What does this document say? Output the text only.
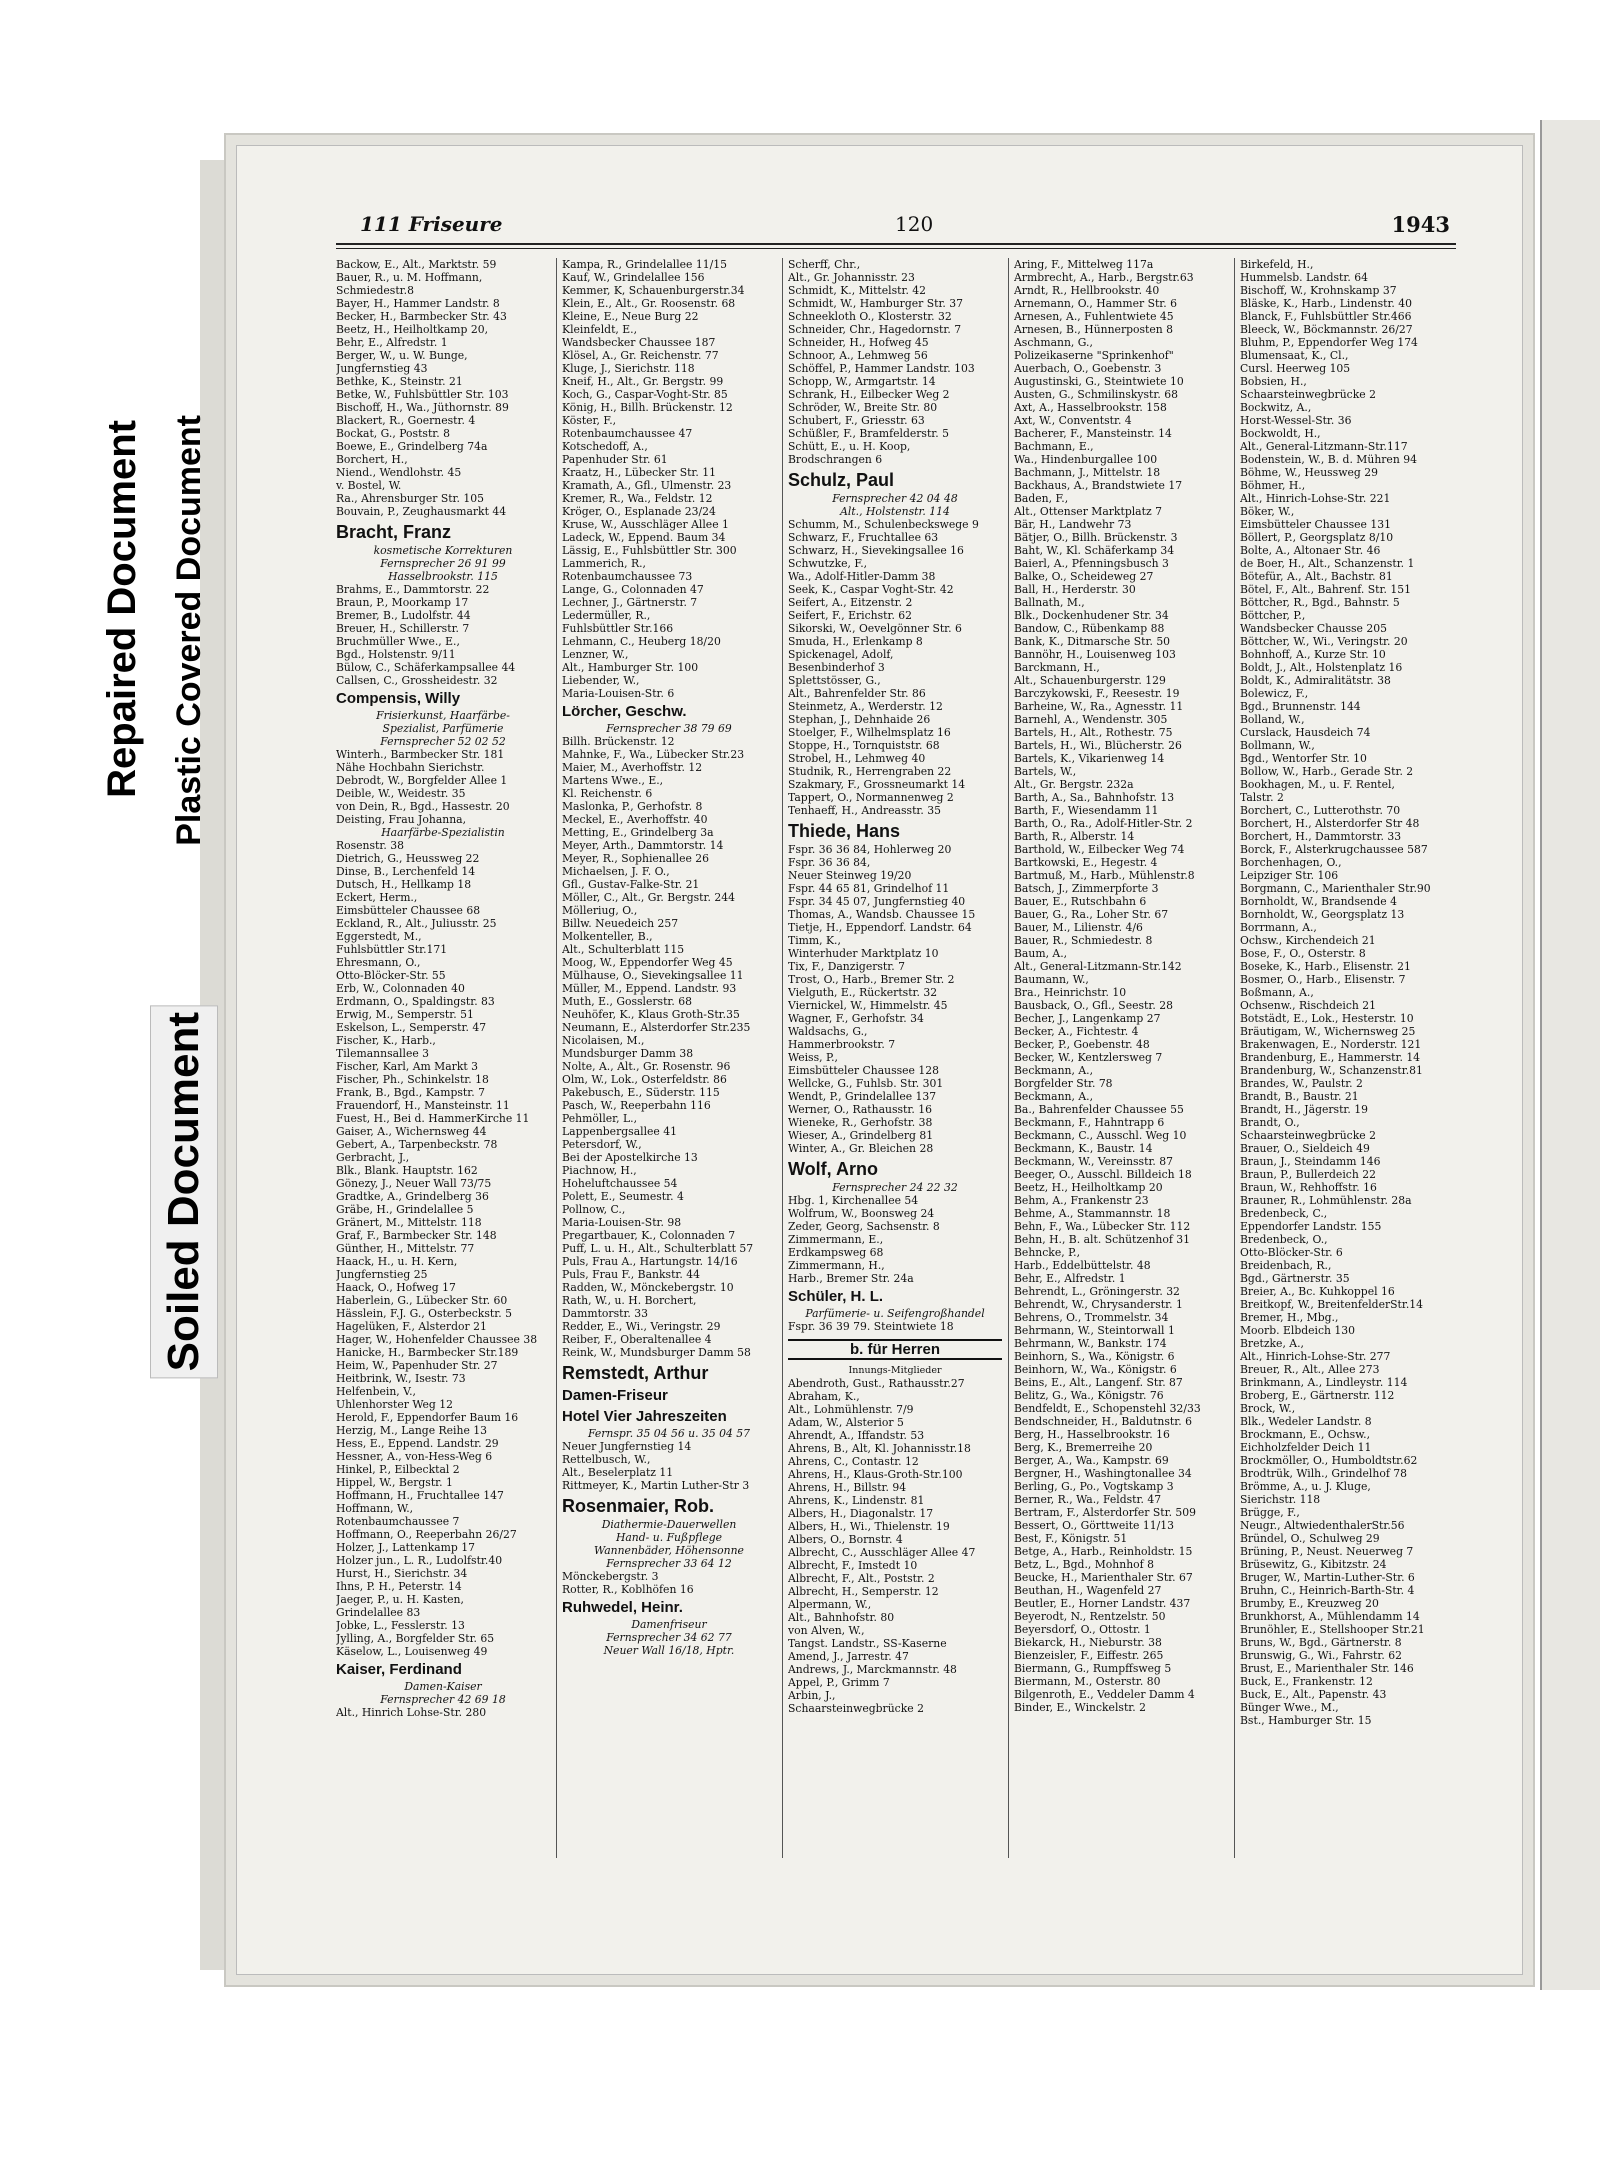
Repaired Document Plastic Covered Document
Soiled Document
111 Friseure	120	1943
Backow, E., Alt., Marktstr. 59
Bauer, R., u. M. Hoffmann,
Schmiedestr.8
Bayer, H., Hammer Landstr. 8
Becker, H., Barmbecker Str. 43
Beetz, H., Heilholtkamp 20,
Behr, E., Alfredstr. 1
Berger, W., u. W. Bunge,
Jungfernstieg 43
Bethke, K., Steinstr. 21
Betke, W., Fuhlsbüttler Str. 103
Bischoff, H., Wa., Jüthornstr. 89
Blackert, R., Goernestr. 4
Bockat, G., Poststr. 8
Boewe, E., Grindelberg 74a
Borchert, H.,
Niend., Wendlohstr. 45
v. Bostel, W.
Ra., Ahrensburger Str. 105
Bouvain, P., Zeughausmarkt 44
Bracht, Franz
kosmetische Korrekturen
Fernsprecher 26 91 99
Hasselbrookstr. 115
Brahms, E., Dammtorstr. 22
Braun, P., Moorkamp 17
Bremer, B., Ludolfstr. 44
Breuer, H., Schillerstr. 7
Bruchmüller Wwe., E.,
Bgd., Holstenstr. 9/11
Bülow, C., Schäferkampsallee 44
Callsen, C., Grossheidestr. 32
Compensis, Willy
Frisierkunst, Haarfärbe-
Spezialist, Parfümerie
Fernsprecher 52 02 52
Winterh., Barmbecker Str. 181
Nähe Hochbahn Sierichstr.
Debrodt, W., Borgfelder Allee 1
Deible, W., Weidestr. 35
von Dein, R., Bgd., Hassestr. 20
Deisting, Frau Johanna,
Haarfärbe-Spezialistin
Rosenstr. 38
Dietrich, G., Heussweg 22
Dinse, B., Lerchenfeld 14
Dutsch, H., Hellkamp 18
Eckert, Herm.,
Eimsbütteler Chaussee 68
Eckland, R., Alt., Juliusstr. 25
Eggerstedt, M.,
Fuhlsbüttler Str.171
Ehresmann, O.,
Otto-Blöcker-Str. 55
Erb, W., Colonnaden 40
Erdmann, O., Spaldingstr. 83
Erwig, M., Semperstr. 51
Eskelson, L., Semperstr. 47
Fischer, K., Harb.,
Tilemannsallee 3
Fischer, Karl, Am Markt 3
Fischer, Ph., Schinkelstr. 18
Frank, B., Bgd., Kampstr. 7
Frauendorf, H., Mansteinstr. 11
Fuest, H., Bei d. HammerKirche 11
Gaiser, A., Wichernsweg 44
Gebert, A., Tarpenbeckstr. 78
Gerbracht, J.,
Blk., Blank. Hauptstr. 162
Gönezy, J., Neuer Wall 73/75
Gradtke, A., Grindelberg 36
Gräbe, H., Grindelallee 5
Gränert, M., Mittelstr. 118
Graf, F., Barmbecker Str. 148
Günther, H., Mittelstr. 77
Haack, H., u. H. Kern,
Jungfernstieg 25
Haack, O., Hofweg 17
Haberlein, G., Lübecker Str. 60
Hässlein, F.J. G., Osterbeckstr. 5
Hagelüken, F., Alsterdor 21
Hager, W., Hohenfelder Chaussee 38
Hanicke, H., Barmbecker Str.189
Heim, W., Papenhuder Str. 27
Heitbrink, W., Isestr. 73
Helfenbein, V.,
Uhlenhorster Weg 12
Herold, F., Eppendorfer Baum 16
Herzig, M., Lange Reihe 13
Hess, E., Eppend. Landstr. 29
Hessner, A., von-Hess-Weg 6
Hinkel, P., Eilbecktal 2
Hippel, W., Bergstr. 1
Hoffmann, H., Fruchtallee 147
Hoffmann, W.,
Rotenbaumchaussee 7
Hoffmann, O., Reeperbahn 26/27
Holzer, J., Lattenkamp 17
Holzer jun., L. R., Ludolfstr.40
Hurst, H., Sierichstr. 34
Ihns, P. H., Peterstr. 14
Jaeger, P., u. H. Kasten,
Grindelallee 83
Jobke, L., Fesslerstr. 13
Jylling, A., Borgfelder Str. 65
Käselow, L., Louisenweg 49
Kaiser, Ferdinand
Damen-Kaiser
Fernsprecher 42 69 18
Alt., Hinrich Lohse-Str. 280
Kampa, R., Grindelallee 11/15
Kauf, W., Grindelallee 156
Kemmer, K, Schauenburgerstr.34
Klein, E., Alt., Gr. Roosenstr. 68
Kleine, E., Neue Burg 22
Kleinfeldt, E.,
Wandsbecker Chaussee 187
Klösel, A., Gr. Reichenstr. 77
Kluge, J., Sierichstr. 118
Kneif, H., Alt., Gr. Bergstr. 99
Koch, G., Caspar-Voght-Str. 85
König, H., Billh. Brückenstr. 12
Köster, F.,
Rotenbaumchaussee 47
Kotschedoff, A.,
Papenhuder Str. 61
Kraatz, H., Lübecker Str. 11
Kramath, A., Gfl., Ulmenstr. 23
Kremer, R., Wa., Feldstr. 12
Kröger, O., Esplanade 23/24
Kruse, W., Ausschläger Allee 1
Ladeck, W., Eppend. Baum 34
Lässig, E., Fuhlsbüttler Str. 300
Lammerich, R.,
Rotenbaumchaussee 73
Lange, G., Colonnaden 47
Lechner, J., Gärtnerstr. 7
Ledermüller, R.,
Fuhlsbüttler Str.166
Lehmann, C., Heuberg 18/20
Lenzner, W.,
Alt., Hamburger Str. 100
Liebender, W.,
Maria-Louisen-Str. 6
Lörcher, Geschw.
Fernsprecher 38 79 69
Billh. Brückenstr. 12
Mahnke, F., Wa., Lübecker Str.23
Maier, M., Averhoffstr. 12
Martens Wwe., E.,
Kl. Reichenstr. 6
Maslonka, P., Gerhofstr. 8
Meckel, E., Averhoffstr. 40
Metting, E., Grindelberg 3a
Meyer, Arth., Dammtorstr. 14
Meyer, R., Sophienallee 26
Michaelsen, J. F. O.,
Gfl., Gustav-Falke-Str. 21
Möller, C., Alt., Gr. Bergstr. 244
Mölleriug, O.,
Billw. Neuedeich 257
Molkenteller, B.,
Alt., Schulterblatt 115
Moog, W., Eppendorfer Weg 45
Mülhause, O., Sievekingsallee 11
Müller, M., Eppend. Landstr. 93
Muth, E., Gosslerstr. 68
Neuhöfer, K., Klaus Groth-Str.35
Neumann, E., Alsterdorfer Str.235
Nicolaisen, M.,
Mundsburger Damm 38
Nolte, A., Alt., Gr. Rosenstr. 96
Olm, W., Lok., Osterfeldstr. 86
Pakebusch, E., Süderstr. 115
Pasch, W., Reeperbahn 116
Pehmöller, L.,
Lappenbergsallee 41
Petersdorf, W.,
Bei der Apostelkirche 13
Piachnow, H.,
Hoheluftchaussee 54
Polett, E., Seumestr. 4
Pollnow, C.,
Maria-Louisen-Str. 98
Pregartbauer, K., Colonnaden 7
Puff, L. u. H., Alt., Schulterblatt 57
Puls, Frau A., Hartungstr. 14/16
Puls, Frau F., Bankstr. 44
Radden, W., Mönckebergstr. 10
Rath, W., u. H. Borchert,
Dammtorstr. 33
Redder, E., Wi., Veringstr. 29
Reiber, F., Oberaltenallee 4
Reink, W., Mundsburger Damm 58
Remstedt, Arthur
Damen-Friseur
Hotel Vier Jahreszeiten
Fernspr. 35 04 56 u. 35 04 57
Neuer Jungfernstieg 14
Rettelbusch, W.,
Alt., Beselerplatz 11
Rittmeyer, K., Martin Luther-Str 3
Rosenmaier, Rob.
Diathermie-Dauerwellen
Hand- u. Fußpflege
Wannenbäder, Höhensonne
Fernsprecher 33 64 12
Mönckebergstr. 3
Rotter, R., Koblhöfen 16
Ruhwedel, Heinr.
Damenfriseur
Fernsprecher 34 62 77
Neuer Wall 16/18, Hptr.
Scherff, Chr.,
Alt., Gr. Johannisstr. 23
Schmidt, K., Mittelstr. 42
Schmidt, W., Hamburger Str. 37
Schneekloth O., Klosterstr. 32
Schneider, Chr., Hagedornstr. 7
Schneider, H., Hofweg 45
Schnoor, A., Lehmweg 56
Schöffel, P., Hammer Landstr. 103
Schopp, W., Armgartstr. 14
Schrank, H., Eilbecker Weg 2
Schröder, W., Breite Str. 80
Schubert, F., Griesstr. 63
Schüßler, F., Bramfelderstr. 5
Schütt, E., u. H. Koop,
Brodschrangen 6
Schulz, Paul
Fernsprecher 42 04 48
Alt., Holstenstr. 114
Schumm, M., Schulenbeckswege 9
Schwarz, F., Fruchtallee 63
Schwarz, H., Sievekingsallee 16
Schwutzke, F.,
Wa., Adolf-Hitler-Damm 38
Seek, K., Caspar Voght-Str. 42
Seifert, A., Eitzenstr. 2
Seifert, F., Erichstr. 62
Sikorski, W., Oevelgönner Str. 6
Smuda, H., Erlenkamp 8
Spickenagel, Adolf,
Besenbinderhof 3
Splettstösser, G.,
Alt., Bahrenfelder Str. 86
Steinmetz, A., Werderstr. 12
Stephan, J., Dehnhaide 26
Stoelger, F., Wilhelmsplatz 16
Stoppe, H., Tornquiststr. 68
Strobel, H., Lehmweg 40
Studnik, R., Herrengraben 22
Szakmary, F., Grossneumarkt 14
Tappert, O., Normannenweg 2
Tenhaeff, H., Andreasstr. 35
Thiede, Hans
Fspr. 36 36 84, Hohlerweg 20
Fspr. 36 36 84,
Neuer Steinweg 19/20
Fspr. 44 65 81, Grindelhof 11
Fspr. 34 45 07, Jungfernstieg 40
Thomas, A., Wandsb. Chaussee 15
Tietje, H., Eppendorf. Landstr. 64
Timm, K.,
Winterhuder Marktplatz 10
Tix, F., Danzigerstr. 7
Trost, O., Harb., Bremer Str. 2
Vielguth, E., Rückertstr. 32
Viernickel, W., Himmelstr. 45
Wagner, F., Gerhofstr. 34
Waldsachs, G.,
Hammerbrookstr. 7
Weiss, P.,
Eimsbütteler Chaussee 128
Wellcke, G., Fuhlsb. Str. 301
Wendt, P., Grindelallee 137
Werner, O., Rathausstr. 16
Wieneke, R., Gerhofstr. 38
Wieser, A., Grindelberg 81
Winter, A., Gr. Bleichen 28
Wolf, Arno
Fernsprecher 24 22 32
Hbg. 1, Kirchenallee 54
Wolfrum, W., Boonsweg 24
Zeder, Georg, Sachsenstr. 8
Zimmermann, E.,
Erdkampsweg 68
Zimmermann, H.,
Harb., Bremer Str. 24a
Schüler, H. L.
Parfümerie- u. Seifengroßhandel
Fspr. 36 39 79. Steintwiete 18
b. für Herren
Innungs-Mitglieder
Abendroth, Gust., Rathausstr.27
Abraham, K.,
Alt., Lohmühlenstr. 7/9
Adam, W., Alsterior 5
Ahrendt, A., Iffandstr. 53
Ahrens, B., Alt, Kl. Johannisstr.18
Ahrens, C., Contastr. 12
Ahrens, H., Klaus-Groth-Str.100
Ahrens, H., Billstr. 94
Ahrens, K., Lindenstr. 81
Albers, H., Diagonalstr. 17
Albers, H., Wi., Thielenstr. 19
Albers, O., Bornstr. 4
Albrecht, C., Ausschläger Allee 47
Albrecht, F., Imstedt 10
Albrecht, F., Alt., Poststr. 2
Albrecht, H., Semperstr. 12
Alpermann, W.,
Alt., Bahnhofstr. 80
von Alven, W.,
Tangst. Landstr., SS-Kaserne
Amend, J., Jarrestr. 47
Andrews, J., Marckmannstr. 48
Appel, P., Grimm 7
Arbin, J.,
Schaarsteinwegbrücke 2
Aring, F., Mittelweg 117a
Armbrecht, A., Harb., Bergstr.63
Arndt, R., Hellbrookstr. 40
Arnemann, O., Hammer Str. 6
Arnesen, A., Fuhlentwiete 45
Arnesen, B., Hünnerposten 8
Aschmann, G.,
Polizeikaserne "Sprinkenhof"
Auerbach, O., Goebenstr. 3
Augustinski, G., Steintwiete 10
Austen, G., Schmilinskystr. 68
Axt, A., Hasselbrookstr. 158
Axt, W., Conventstr. 4
Bacherer, F., Mansteinstr. 14
Bachmann, E.,
Wa., Hindenburgallee 100
Bachmann, J., Mittelstr. 18
Backhaus, A., Brandstwiete 17
Baden, F.,
Alt., Ottenser Marktplatz 7
Bär, H., Landwehr 73
Bätjer, O., Billh. Brückenstr. 3
Baht, W., Kl. Schäferkamp 34
Baierl, A., Pfenningsbusch 3
Balke, O., Scheideweg 27
Ball, H., Herderstr. 30
Ballnath, M.,
Blk., Dockenhudener Str. 34
Bandow, C., Rübenkamp 88
Bank, K., Ditmarsche Str. 50
Bannöhr, H., Louisenweg 103
Barckmann, H.,
Alt., Schauenburgerstr. 129
Barczykowski, F., Reesestr. 19
Barheine, W., Ra., Agnesstr. 11
Barnehl, A., Wendenstr. 305
Bartels, H., Alt., Rothestr. 75
Bartels, H., Wi., Blücherstr. 26
Bartels, K., Vikarienweg 14
Bartels, W.,
Alt., Gr. Bergstr. 232a
Barth, A., Sa., Bahnhofstr. 13
Barth, F., Wiesendamm 11
Barth, O., Ra., Adolf-Hitler-Str. 2
Barth, R., Alberstr. 14
Barthold, W., Eilbecker Weg 74
Bartkowski, E., Hegestr. 4
Bartmuß, M., Harb., Mühlenstr.8
Batsch, J., Zimmerpforte 3
Bauer, E., Rutschbahn 6
Bauer, G., Ra., Loher Str. 67
Bauer, M., Lilienstr. 4/6
Bauer, R., Schmiedestr. 8
Baum, A.,
Alt., General-Litzmann-Str.142
Baumann, W.,
Bra., Heinrichstr. 10
Bausback, O., Gfl., Seestr. 28
Becher, J., Langenkamp 27
Becker, A., Fichtestr. 4
Becker, P., Goebenstr. 48
Becker, W., Kentzlersweg 7
Beckmann, A.,
Borgfelder Str. 78
Beckmann, A.,
Ba., Bahrenfelder Chaussee 55
Beckmann, F., Hahntrapp 6
Beckmann, C., Ausschl. Weg 10
Beckmann, K., Baustr. 14
Beckmann, W., Vereinsstr. 87
Beeger, O., Ausschl. Billdeich 18
Beetz, H., Heilholtkamp 20
Behm, A., Frankenstr 23
Behme, A., Stammannstr. 18
Behn, F., Wa., Lübecker Str. 112
Behn, H., B. alt. Schützenhof 31
Behncke, P.,
Harb., Eddelbüttelstr. 48
Behr, E., Alfredstr. 1
Behrendt, L., Gröningerstr. 32
Behrendt, W., Chrysanderstr. 1
Behrens, O., Trommelstr. 34
Behrmann, W., Steintorwall 1
Behrmann, W., Bankstr. 174
Beinhorn, S., Wa., Königstr. 6
Beinhorn, W., Wa., Königstr. 6
Beins, E., Alt., Langenf. Str. 87
Belitz, G., Wa., Königstr. 76
Bendfeldt, E., Schopenstehl 32/33
Bendschneider, H., Baldutnstr. 6
Berg, H., Hasselbrookstr. 16
Berg, K., Bremerreihe 20
Berger, A., Wa., Kampstr. 69
Bergner, H., Washingtonallee 34
Berling, G., Po., Vogtskamp 3
Berner, R., Wa., Feldstr. 47
Bertram, F., Alsterdorfer Str. 509
Bessert, O., Görttweite 11/13
Best, F., Königstr. 51
Betge, A., Harb., Reinholdstr. 15
Betz, L., Bgd., Mohnhof 8
Beucke, H., Marienthaler Str. 67
Beuthan, H., Wagenfeld 27
Beutler, E., Horner Landstr. 437
Beyerodt, N., Rentzelstr. 50
Beyersdorf, O., Ottostr. 1
Biekarck, H., Nieburstr. 38
Bienzeisler, F., Eiffestr. 265
Biermann, G., Rumpffsweg 5
Biermann, M., Osterstr. 80
Bilgenroth, E., Veddeler Damm 4
Binder, E., Winckelstr. 2
Birkefeld, H.,
Hummelsb. Landstr. 64
Bischoff, W., Krohnskamp 37
Bläske, K., Harb., Lindenstr. 40
Blanck, F., Fuhlsbüttler Str.466
Bleeck, W., Böckmannstr. 26/27
Bluhm, P., Eppendorfer Weg 174
Blumensaat, K., Cl.,
Cursl. Heerweg 105
Bobsien, H.,
Schaarsteinwegbrücke 2
Bockwitz, A.,
Horst-Wessel-Str. 36
Bockwoldt, H.,
Alt., General-Litzmann-Str.117
Bodenstein, W., B. d. Mühren 94
Böhme, W., Heussweg 29
Böhmer, H.,
Alt., Hinrich-Lohse-Str. 221
Böker, W.,
Eimsbütteler Chaussee 131
Böllert, P., Georgsplatz 8/10
Bolte, A., Altonaer Str. 46
de Boer, H., Alt., Schanzenstr. 1
Bötefür, A., Alt., Bachstr. 81
Bötel, F., Alt., Bahrenf. Str. 151
Böttcher, R., Bgd., Bahnstr. 5
Böttcher, P.,
Wandsbecker Chausse 205
Böttcher, W., Wi., Veringstr. 20
Bohnhoff, A., Kurze Str. 10
Boldt, J., Alt., Holstenplatz 16
Boldt, K., Admiralitätstr. 38
Bolewicz, F.,
Bgd., Brunnenstr. 144
Bolland, W.,
Curslack, Hausdeich 74
Bollmann, W.,
Bgd., Wentorfer Str. 10
Bollow, W., Harb., Gerade Str. 2
Bookhagen, M., u. F. Rentel,
Talstr. 2
Borchert, C., Lutterothstr. 70
Borchert, H., Alsterdorfer Str 48
Borchert, H., Dammtorstr. 33
Borck, F., Alsterkrugchaussee 587
Borchenhagen, O.,
Leipziger Str. 106
Borgmann, C., Marienthaler Str.90
Bornholdt, W., Brandsende 4
Bornholdt, W., Georgsplatz 13
Borrmann, A.,
Ochsw., Kirchendeich 21
Bose, F., O., Osterstr. 8
Boseke, K., Harb., Elisenstr. 21
Bosmer, O., Harb., Elisenstr. 7
Boßmann, A.,
Ochsenw., Rischdeich 21
Botstädt, E., Lok., Hesterstr. 10
Bräutigam, W., Wichernsweg 25
Brakenwagen, E., Norderstr. 121
Brandenburg, E., Hammerstr. 14
Brandenburg, W., Schanzenstr.81
Brandes, W., Paulstr. 2
Brandt, B., Baustr. 21
Brandt, H., Jägerstr. 19
Brandt, O.,
Schaarsteinwegbrücke 2
Brauer, O., Sieldeich 49
Braun, J., Steindamm 146
Braun, P., Bullerdeich 22
Braun, W., Rehhoffstr. 16
Brauner, R., Lohmühlenstr. 28a
Bredenbeck, C.,
Eppendorfer Landstr. 155
Bredenbeck, O.,
Otto-Blöcker-Str. 6
Breidenbach, R.,
Bgd., Gärtnerstr. 35
Breier, A., Bc. Kuhkoppel 16
Breitkopf, W., BreitenfelderStr.14
Bremer, H., Mbg.,
Moorb. Elbdeich 130
Bretzke, A.,
Alt., Hinrich-Lohse-Str. 277
Breuer, R., Alt., Allee 273
Brinkmann, A., Lindleystr. 114
Broberg, E., Gärtnerstr. 112
Brock, W.,
Blk., Wedeler Landstr. 8
Brockmann, E., Ochsw.,
Eichholzfelder Deich 11
Brockmöller, O., Humboldtstr.62
Brodtrük, Wilh., Grindelhof 78
Brömme, A., u. J. Kluge,
Sierichstr. 118
Brügge, F.,
Neugr., AltwiedenthalerStr.56
Bründel, O., Schulweg 29
Brüning, P., Neust. Neuerweg 7
Brüsewitz, G., Kibitzstr. 24
Bruger, W., Martin-Luther-Str. 6
Bruhn, C., Heinrich-Barth-Str. 4
Brumby, E., Kreuzweg 20
Brunkhorst, A., Mühlendamm 14
Brunöhler, E., Stellshooper Str.21
Bruns, W., Bgd., Gärtnerstr. 8
Brunswig, G., Wi., Fahrstr. 62
Brust, E., Marienthaler Str. 146
Buck, E., Frankenstr. 12
Buck, E., Alt., Papenstr. 43
Bünger Wwe., M.,
Bst., Hamburger Str. 15
